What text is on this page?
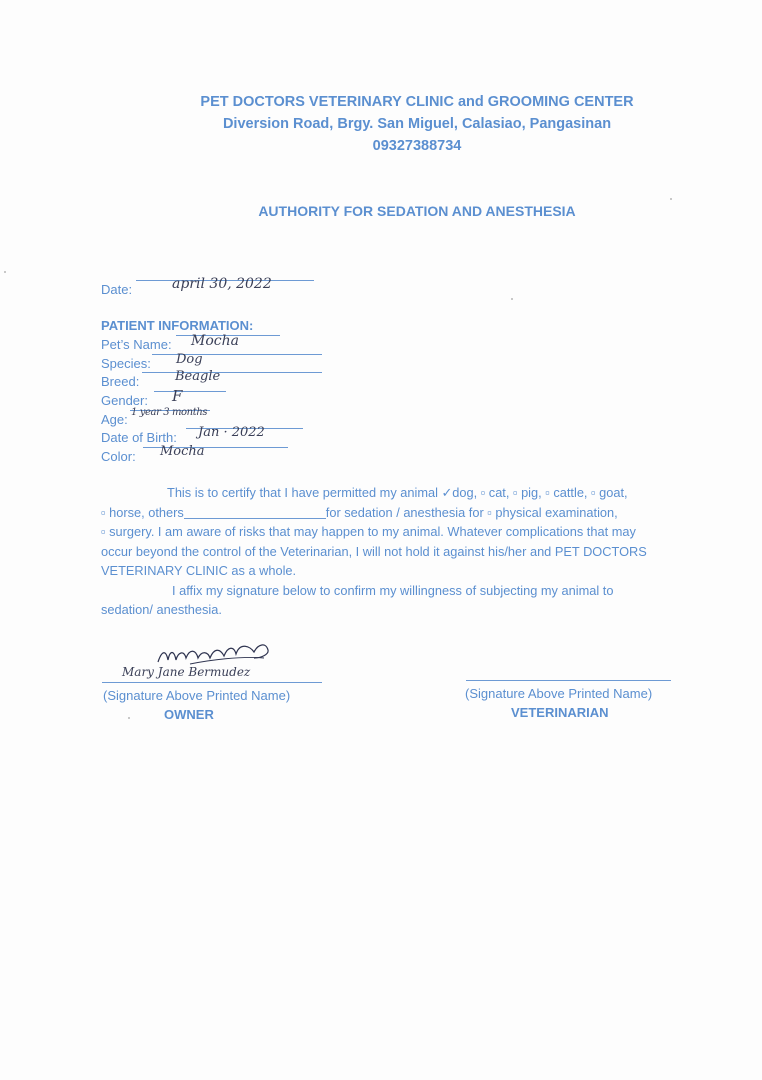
PET DOCTORS VETERINARY CLINIC and GROOMING CENTER
Diversion Road, Brgy. San Miguel, Calasiao, Pangasinan
09327388734
AUTHORITY FOR SEDATION AND ANESTHESIA
Date:	april 30, 2022
PATIENT INFORMATION:
Pet’s Name: Mocha
Species: Dog
Breed:	Beagle
Gender: F
Age: 1 year 3 months
Date of Birth: Jan · 2022
Color: Mocha
This is to certify that I have permitted my animal ✓dog, ▫ cat, ▫ pig, ▫ cattle, ▫ goat,
▫ horse, others	for sedation / anesthesia for ▫ physical examination,
▫ surgery. I am aware of risks that may happen to my animal. Whatever complications that may
occur beyond the control of the Veterinarian, I will not hold it against his/her and PET DOCTORS
VETERINARY CLINIC as a whole.
I affix my signature below to confirm my willingness of subjecting my animal to
sedation/ anesthesia.
Mary Jane Bermudez
(Signature Above Printed Name)
OWNER
(Signature Above Printed Name)
VETERINARIAN
